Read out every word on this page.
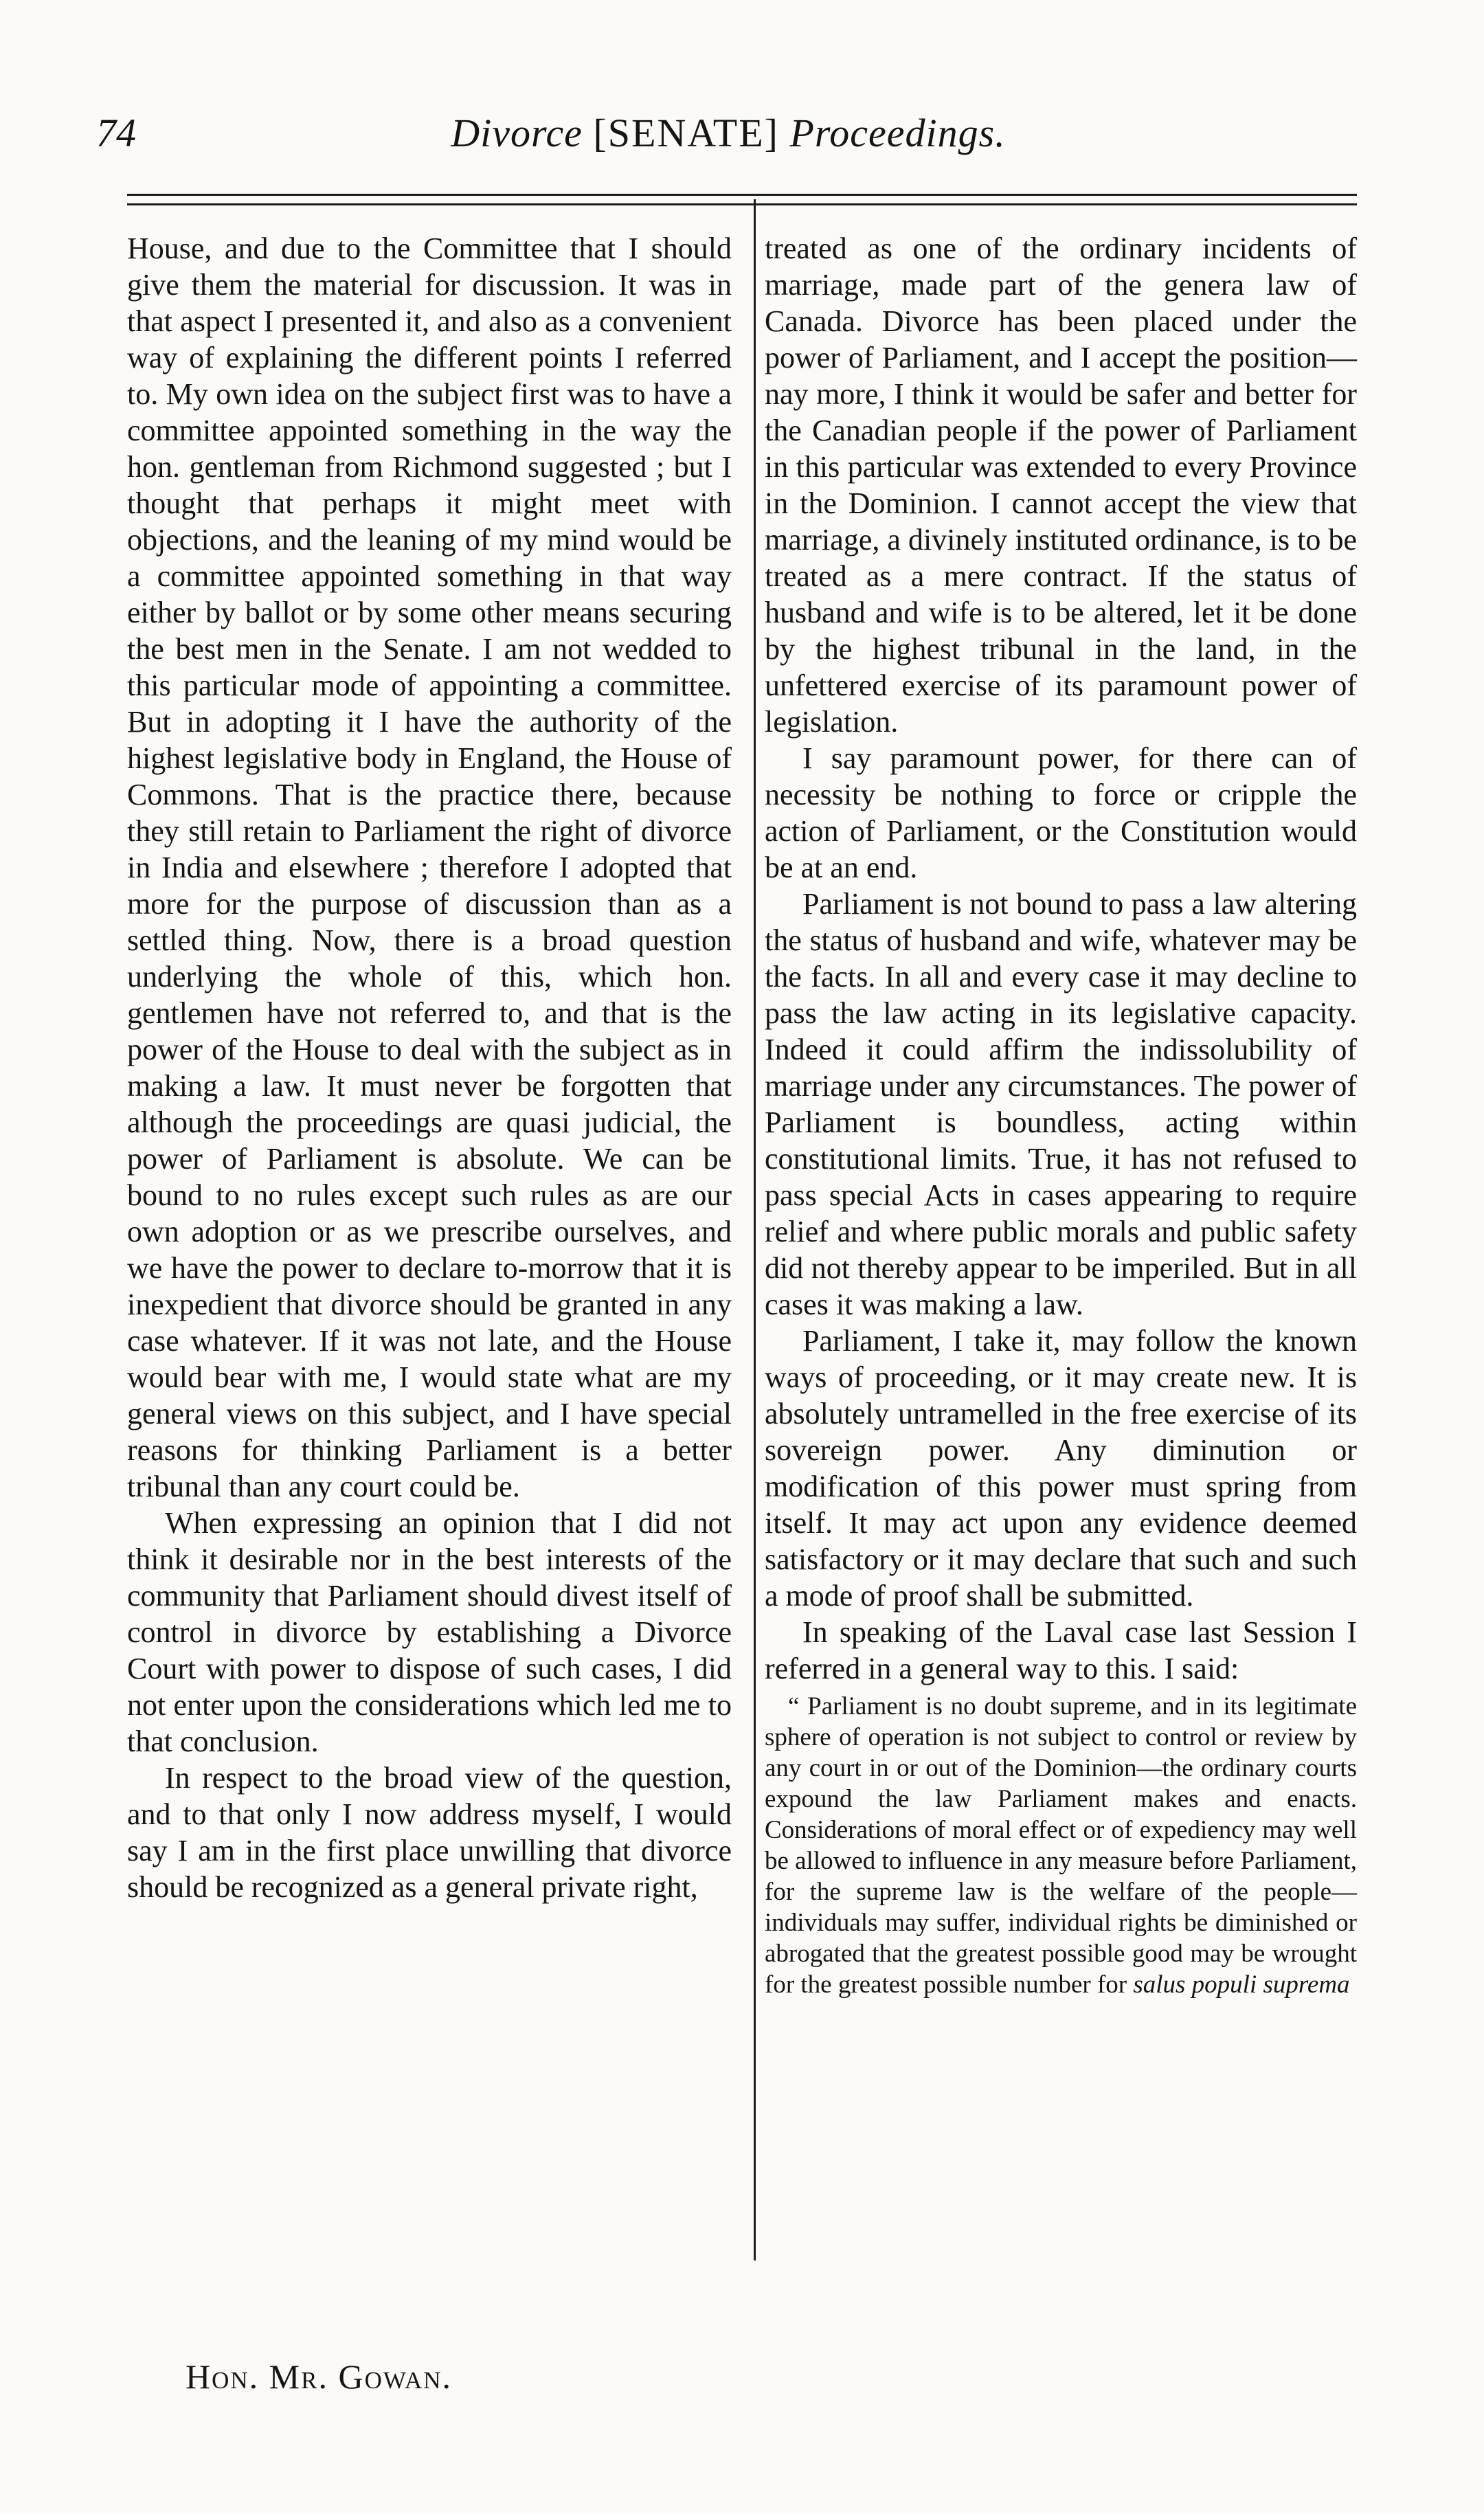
74	Divorce [SENATE] Proceedings.

House, and due to the Committee that I should give them the material for discussion. It was in that aspect I presented it, and also as a convenient way of explaining the different points I referred to. My own idea on the subject first was to have a committee appointed something in the way the hon. gentleman from Richmond suggested ; but I thought that perhaps it might meet with objections, and the leaning of my mind would be a committee appointed something in that way either by ballot or by some other means securing the best men in the Senate. I am not wedded to this particular mode of appointing a committee. But in adopting it I have the authority of the highest legislative body in England, the House of Commons. That is the practice there, because they still retain to Parliament the right of divorce in India and elsewhere ; therefore I adopted that more for the purpose of discussion than as a settled thing. Now, there is a broad question underlying the whole of this, which hon. gentlemen have not referred to, and that is the power of the House to deal with the subject as in making a law. It must never be forgotten that although the proceedings are quasi judicial, the power of Parliament is absolute. We can be bound to no rules except such rules as are our own adoption or as we prescribe ourselves, and we have the power to declare to-morrow that it is inexpedient that divorce should be granted in any case whatever. If it was not late, and the House would bear with me, I would state what are my general views on this subject, and I have special reasons for thinking Parliament is a better tribunal than any court could be.

When expressing an opinion that I did not think it desirable nor in the best interests of the community that Parliament should divest itself of control in divorce by establishing a Divorce Court with power to dispose of such cases, I did not enter upon the considerations which led me to that conclusion.

In respect to the broad view of the question, and to that only I now address myself, I would say I am in the first place unwilling that divorce should be recognized as a general private right,

treated as one of the ordinary incidents of marriage, made part of the genera law of Canada. Divorce has been placed under the power of Parliament, and I accept the position—nay more, I think it would be safer and better for the Canadian people if the power of Parliament in this particular was extended to every Province in the Dominion. I cannot accept the view that marriage, a divinely instituted ordinance, is to be treated as a mere contract. If the status of husband and wife is to be altered, let it be done by the highest tribunal in the land, in the unfettered exercise of its paramount power of legislation.

I say paramount power, for there can of necessity be nothing to force or cripple the action of Parliament, or the Constitution would be at an end.

Parliament is not bound to pass a law altering the status of husband and wife, whatever may be the facts. In all and every case it may decline to pass the law acting in its legislative capacity. Indeed it could affirm the indissolubility of marriage under any circumstances. The power of Parliament is boundless, acting within constitutional limits. True, it has not refused to pass special Acts in cases appearing to require relief and where public morals and public safety did not thereby appear to be imperiled. But in all cases it was making a law.

Parliament, I take it, may follow the known ways of proceeding, or it may create new. It is absolutely untramelled in the free exercise of its sovereign power. Any diminution or modification of this power must spring from itself. It may act upon any evidence deemed satisfactory or it may declare that such and such a mode of proof shall be submitted.

In speaking of the Laval case last Session I referred in a general way to this. I said:

“ Parliament is no doubt supreme, and in its legitimate sphere of operation is not subject to control or review by any court in or out of the Dominion—the ordinary courts expound the law Parliament makes and enacts. Considerations of moral effect or of expediency may well be allowed to influence in any measure before Parliament, for the supreme law is the welfare of the people—individuals may suffer, individual rights be diminished or abrogated that the greatest possible good may be wrought for the greatest possible number for salus populi suprema

Hon. Mr. Gowan.
